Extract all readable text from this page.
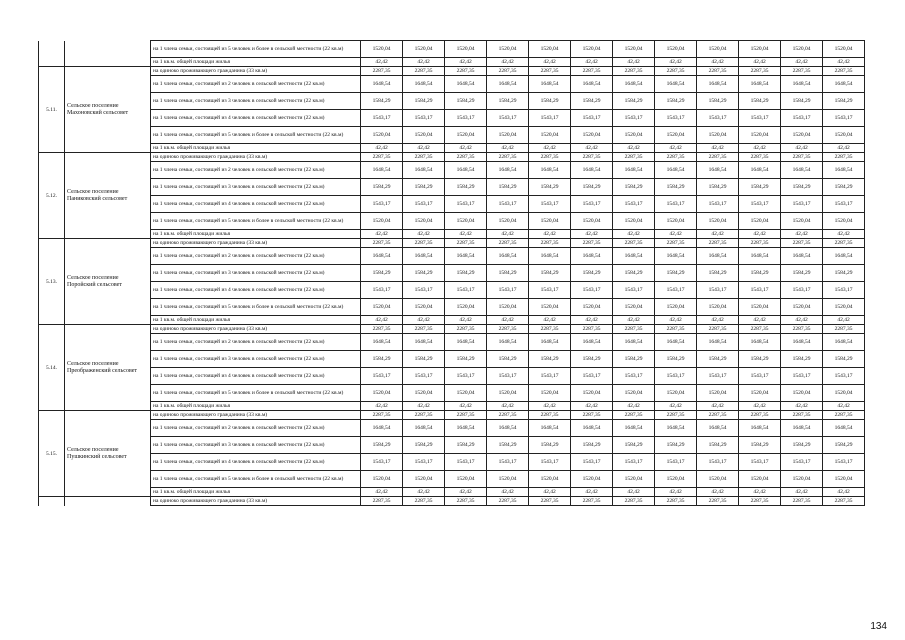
		на 1 члена семьи, состоящей из 5 человек и более в сельской местности (22 кв.м)	1520,04	1520,04	1520,04	1520,04	1520,04	1520,04	1520,04	1520,04	1520,04	1520,04	1520,04	1520,04
		на 1 кв.м. общей площади жилья	42,42	42,42	42,42	42,42	42,42	42,42	42,42	42,42	42,42	42,42	42,42	42,42
5.11.	Сельское поселение Махоновский сельсовет	на одиноко проживающего гражданина (33 кв.м)	2287,35	2287,35	2287,35	2287,35	2287,35	2287,35	2287,35	2287,35	2287,35	2287,35	2287,35	2287,35
		на 1 члена семьи, состоящей из 2 человек в сельской местности (22 кв.м)	1648,54	1648,54	1648,54	1648,54	1648,54	1648,54	1648,54	1648,54	1648,54	1648,54	1648,54	1648,54
		на 1 члена семьи, состоящей из 3 человек в сельской местности (22 кв.м)	1584,29	1584,29	1584,29	1584,29	1584,29	1584,29	1584,29	1584,29	1584,29	1584,29	1584,29	1584,29
		на 1 члена семьи, состоящей из 4 человек в сельской местности (22 кв.м)	1543,17	1543,17	1543,17	1543,17	1543,17	1543,17	1543,17	1543,17	1543,17	1543,17	1543,17	1543,17
		на 1 члена семьи, состоящей из 5 человек и более в сельской местности (22 кв.м)	1520,04	1520,04	1520,04	1520,04	1520,04	1520,04	1520,04	1520,04	1520,04	1520,04	1520,04	1520,04
		на 1 кв.м. общей площади жилья	42,42	42,42	42,42	42,42	42,42	42,42	42,42	42,42	42,42	42,42	42,42	42,42
5.12.	Сельское поселение Паниковский сельсовет	на одиноко проживающего гражданина (33 кв.м)	2287,35	2287,35	2287,35	2287,35	2287,35	2287,35	2287,35	2287,35	2287,35	2287,35	2287,35	2287,35
		на 1 члена семьи, состоящей из 2 человек в сельской местности (22 кв.м)	1648,54	1648,54	1648,54	1648,54	1648,54	1648,54	1648,54	1648,54	1648,54	1648,54	1648,54	1648,54
		на 1 члена семьи, состоящей из 3 человек в сельской местности (22 кв.м)	1584,29	1584,29	1584,29	1584,29	1584,29	1584,29	1584,29	1584,29	1584,29	1584,29	1584,29	1584,29
		на 1 члена семьи, состоящей из 4 человек в сельской местности (22 кв.м)	1543,17	1543,17	1543,17	1543,17	1543,17	1543,17	1543,17	1543,17	1543,17	1543,17	1543,17	1543,17
		на 1 члена семьи, состоящей из 5 человек и более в сельской местности (22 кв.м)	1520,04	1520,04	1520,04	1520,04	1520,04	1520,04	1520,04	1520,04	1520,04	1520,04	1520,04	1520,04
		на 1 кв.м. общей площади жилья	42,42	42,42	42,42	42,42	42,42	42,42	42,42	42,42	42,42	42,42	42,42	42,42
5.13.	Сельское поселение Поройский сельсовет	на одиноко проживающего гражданина (33 кв.м)	2287,35	2287,35	2287,35	2287,35	2287,35	2287,35	2287,35	2287,35	2287,35	2287,35	2287,35	2287,35
		на 1 члена семьи, состоящей из 2 человек в сельской местности (22 кв.м)	1648,54	1648,54	1648,54	1648,54	1648,54	1648,54	1648,54	1648,54	1648,54	1648,54	1648,54	1648,54
		на 1 члена семьи, состоящей из 3 человек в сельской местности (22 кв.м)	1584,29	1584,29	1584,29	1584,29	1584,29	1584,29	1584,29	1584,29	1584,29	1584,29	1584,29	1584,29
		на 1 члена семьи, состоящей из 4 человек в сельской местности (22 кв.м)	1543,17	1543,17	1543,17	1543,17	1543,17	1543,17	1543,17	1543,17	1543,17	1543,17	1543,17	1543,17
		на 1 члена семьи, состоящей из 5 человек и более в сельской местности (22 кв.м)	1520,04	1520,04	1520,04	1520,04	1520,04	1520,04	1520,04	1520,04	1520,04	1520,04	1520,04	1520,04
		на 1 кв.м. общей площади жилья	42,42	42,42	42,42	42,42	42,42	42,42	42,42	42,42	42,42	42,42	42,42	42,42
5.14.	Сельское поселение Преображенский сельсовет	на одиноко проживающего гражданина (33 кв.м)	2287,35	2287,35	2287,35	2287,35	2287,35	2287,35	2287,35	2287,35	2287,35	2287,35	2287,35	2287,35
		на 1 члена семьи, состоящей из 2 человек в сельской местности (22 кв.м)	1648,54	1648,54	1648,54	1648,54	1648,54	1648,54	1648,54	1648,54	1648,54	1648,54	1648,54	1648,54
		на 1 члена семьи, состоящей из 3 человек в сельской местности (22 кв.м)	1584,29	1584,29	1584,29	1584,29	1584,29	1584,29	1584,29	1584,29	1584,29	1584,29	1584,29	1584,29
		на 1 члена семьи, состоящей из 4 человек в сельской местности (22 кв.м)	1543,17	1543,17	1543,17	1543,17	1543,17	1543,17	1543,17	1543,17	1543,17	1543,17	1543,17	1543,17
		на 1 члена семьи, состоящей из 5 человек и более в сельской местности (22 кв.м)	1520,04	1520,04	1520,04	1520,04	1520,04	1520,04	1520,04	1520,04	1520,04	1520,04	1520,04	1520,04
		на 1 кв.м. общей площади жилья	42,42	42,42	42,42	42,42	42,42	42,42	42,42	42,42	42,42	42,42	42,42	42,42
5.15.	Сельское поселение Пушкинский сельсовет	на одиноко проживающего гражданина (33 кв.м)	2287,35	2287,35	2287,35	2287,35	2287,35	2287,35	2287,35	2287,35	2287,35	2287,35	2287,35	2287,35
		на 1 члена семьи, состоящей из 2 человек в сельской местности (22 кв.м)	1648,54	1648,54	1648,54	1648,54	1648,54	1648,54	1648,54	1648,54	1648,54	1648,54	1648,54	1648,54
		на 1 члена семьи, состоящей из 3 человек в сельской местности (22 кв.м)	1584,29	1584,29	1584,29	1584,29	1584,29	1584,29	1584,29	1584,29	1584,29	1584,29	1584,29	1584,29
		на 1 члена семьи, состоящей из 4 человек в сельской местности (22 кв.м)	1543,17	1543,17	1543,17	1543,17	1543,17	1543,17	1543,17	1543,17	1543,17	1543,17	1543,17	1543,17
		на 1 члена семьи, состоящей из 5 человек и более в сельской местности (22 кв.м)	1520,04	1520,04	1520,04	1520,04	1520,04	1520,04	1520,04	1520,04	1520,04	1520,04	1520,04	1520,04
		на 1 кв.м. общей площади жилья	42,42	42,42	42,42	42,42	42,42	42,42	42,42	42,42	42,42	42,42	42,42	42,42
		на одиноко проживающего гражданина (33 кв.м)	2287,35	2287,35	2287,35	2287,35	2287,35	2287,35	2287,35	2287,35	2287,35	2287,35	2287,35	2287,35
134
